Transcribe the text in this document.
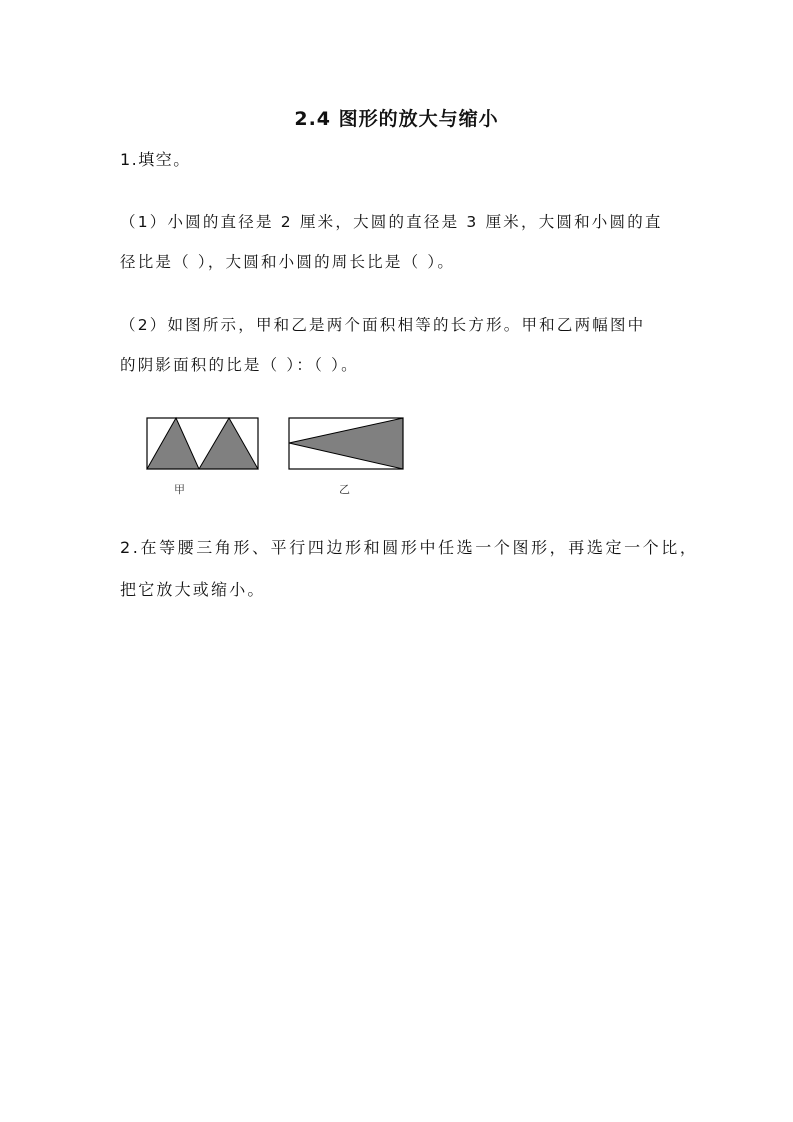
2.4 图形的放大与缩小
1.填空。
（1）小圆的直径是 2 厘米，大圆的直径是 3 厘米，大圆和小圆的直
径比是（ ），大圆和小圆的周长比是（ ）。
（2）如图所示，甲和乙是两个面积相等的长方形。甲和乙两幅图中
的阴影面积的比是（ ）：（ ）。
甲	乙
2.在等腰三角形、平行四边形和圆形中任选一个图形，再选定一个比，
把它放大或缩小。
